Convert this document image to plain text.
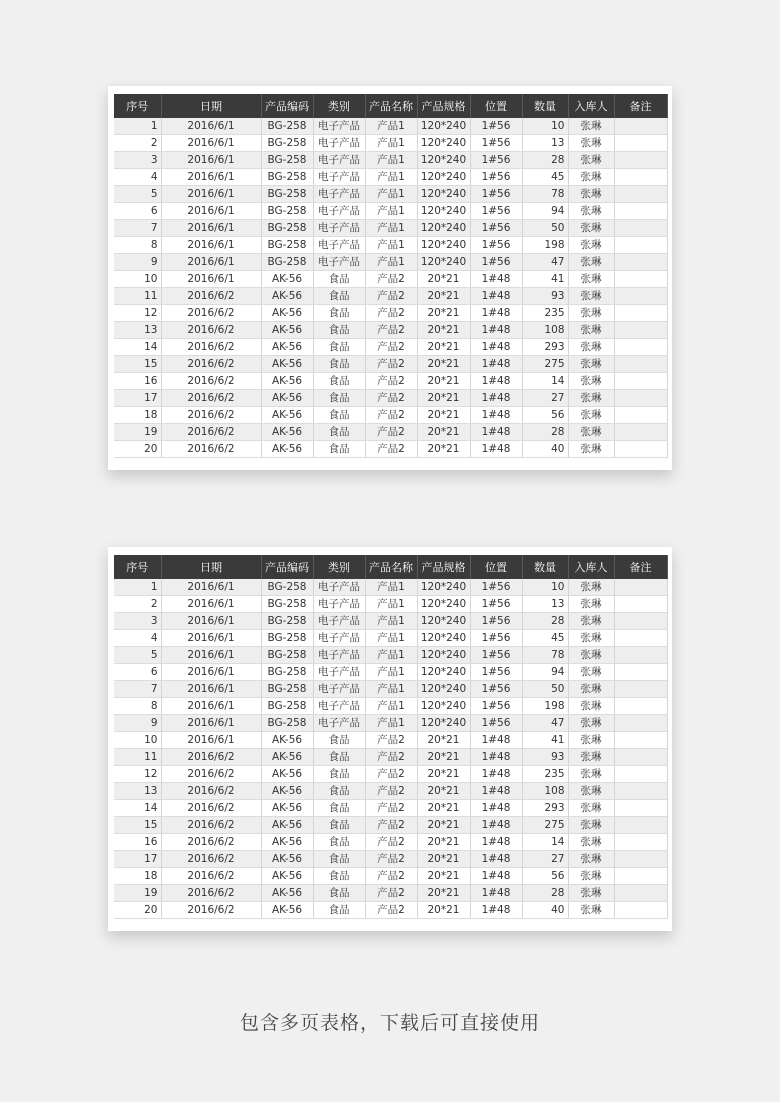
序号	日期	产品编码	类别	产品名称	产品规格	位置	数量	入库人	备注
1	2016/6/1	BG-258	电子产品	产品1	120*240	1#56	10	张琳	
2	2016/6/1	BG-258	电子产品	产品1	120*240	1#56	13	张琳	
3	2016/6/1	BG-258	电子产品	产品1	120*240	1#56	28	张琳	
4	2016/6/1	BG-258	电子产品	产品1	120*240	1#56	45	张琳	
5	2016/6/1	BG-258	电子产品	产品1	120*240	1#56	78	张琳	
6	2016/6/1	BG-258	电子产品	产品1	120*240	1#56	94	张琳	
7	2016/6/1	BG-258	电子产品	产品1	120*240	1#56	50	张琳	
8	2016/6/1	BG-258	电子产品	产品1	120*240	1#56	198	张琳	
9	2016/6/1	BG-258	电子产品	产品1	120*240	1#56	47	张琳	
10	2016/6/1	AK-56	食品	产品2	20*21	1#48	41	张琳	
11	2016/6/2	AK-56	食品	产品2	20*21	1#48	93	张琳	
12	2016/6/2	AK-56	食品	产品2	20*21	1#48	235	张琳	
13	2016/6/2	AK-56	食品	产品2	20*21	1#48	108	张琳	
14	2016/6/2	AK-56	食品	产品2	20*21	1#48	293	张琳	
15	2016/6/2	AK-56	食品	产品2	20*21	1#48	275	张琳	
16	2016/6/2	AK-56	食品	产品2	20*21	1#48	14	张琳	
17	2016/6/2	AK-56	食品	产品2	20*21	1#48	27	张琳	
18	2016/6/2	AK-56	食品	产品2	20*21	1#48	56	张琳	
19	2016/6/2	AK-56	食品	产品2	20*21	1#48	28	张琳	
20	2016/6/2	AK-56	食品	产品2	20*21	1#48	40	张琳	
序号	日期	产品编码	类别	产品名称	产品规格	位置	数量	入库人	备注
1	2016/6/1	BG-258	电子产品	产品1	120*240	1#56	10	张琳	
2	2016/6/1	BG-258	电子产品	产品1	120*240	1#56	13	张琳	
3	2016/6/1	BG-258	电子产品	产品1	120*240	1#56	28	张琳	
4	2016/6/1	BG-258	电子产品	产品1	120*240	1#56	45	张琳	
5	2016/6/1	BG-258	电子产品	产品1	120*240	1#56	78	张琳	
6	2016/6/1	BG-258	电子产品	产品1	120*240	1#56	94	张琳	
7	2016/6/1	BG-258	电子产品	产品1	120*240	1#56	50	张琳	
8	2016/6/1	BG-258	电子产品	产品1	120*240	1#56	198	张琳	
9	2016/6/1	BG-258	电子产品	产品1	120*240	1#56	47	张琳	
10	2016/6/1	AK-56	食品	产品2	20*21	1#48	41	张琳	
11	2016/6/2	AK-56	食品	产品2	20*21	1#48	93	张琳	
12	2016/6/2	AK-56	食品	产品2	20*21	1#48	235	张琳	
13	2016/6/2	AK-56	食品	产品2	20*21	1#48	108	张琳	
14	2016/6/2	AK-56	食品	产品2	20*21	1#48	293	张琳	
15	2016/6/2	AK-56	食品	产品2	20*21	1#48	275	张琳	
16	2016/6/2	AK-56	食品	产品2	20*21	1#48	14	张琳	
17	2016/6/2	AK-56	食品	产品2	20*21	1#48	27	张琳	
18	2016/6/2	AK-56	食品	产品2	20*21	1#48	56	张琳	
19	2016/6/2	AK-56	食品	产品2	20*21	1#48	28	张琳	
20	2016/6/2	AK-56	食品	产品2	20*21	1#48	40	张琳	
包含多页表格，下载后可直接使用
